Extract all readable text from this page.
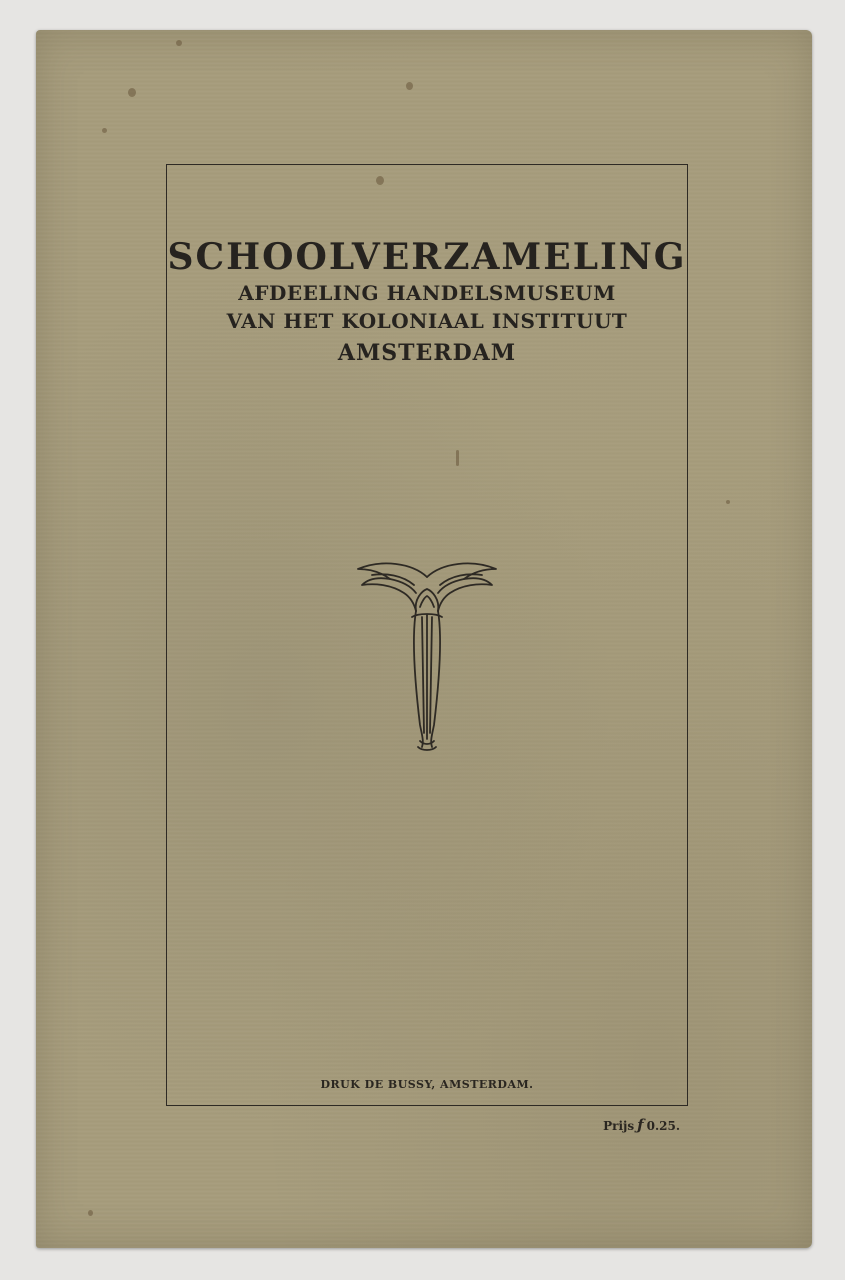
SCHOOLVERZAMELING

AFDEELING HANDELSMUSEUM

VAN HET KOLONIAAL INSTITUUT

AMSTERDAM

DRUK DE BUSSY, AMSTERDAM.
Prijs ƒ 0.25.
